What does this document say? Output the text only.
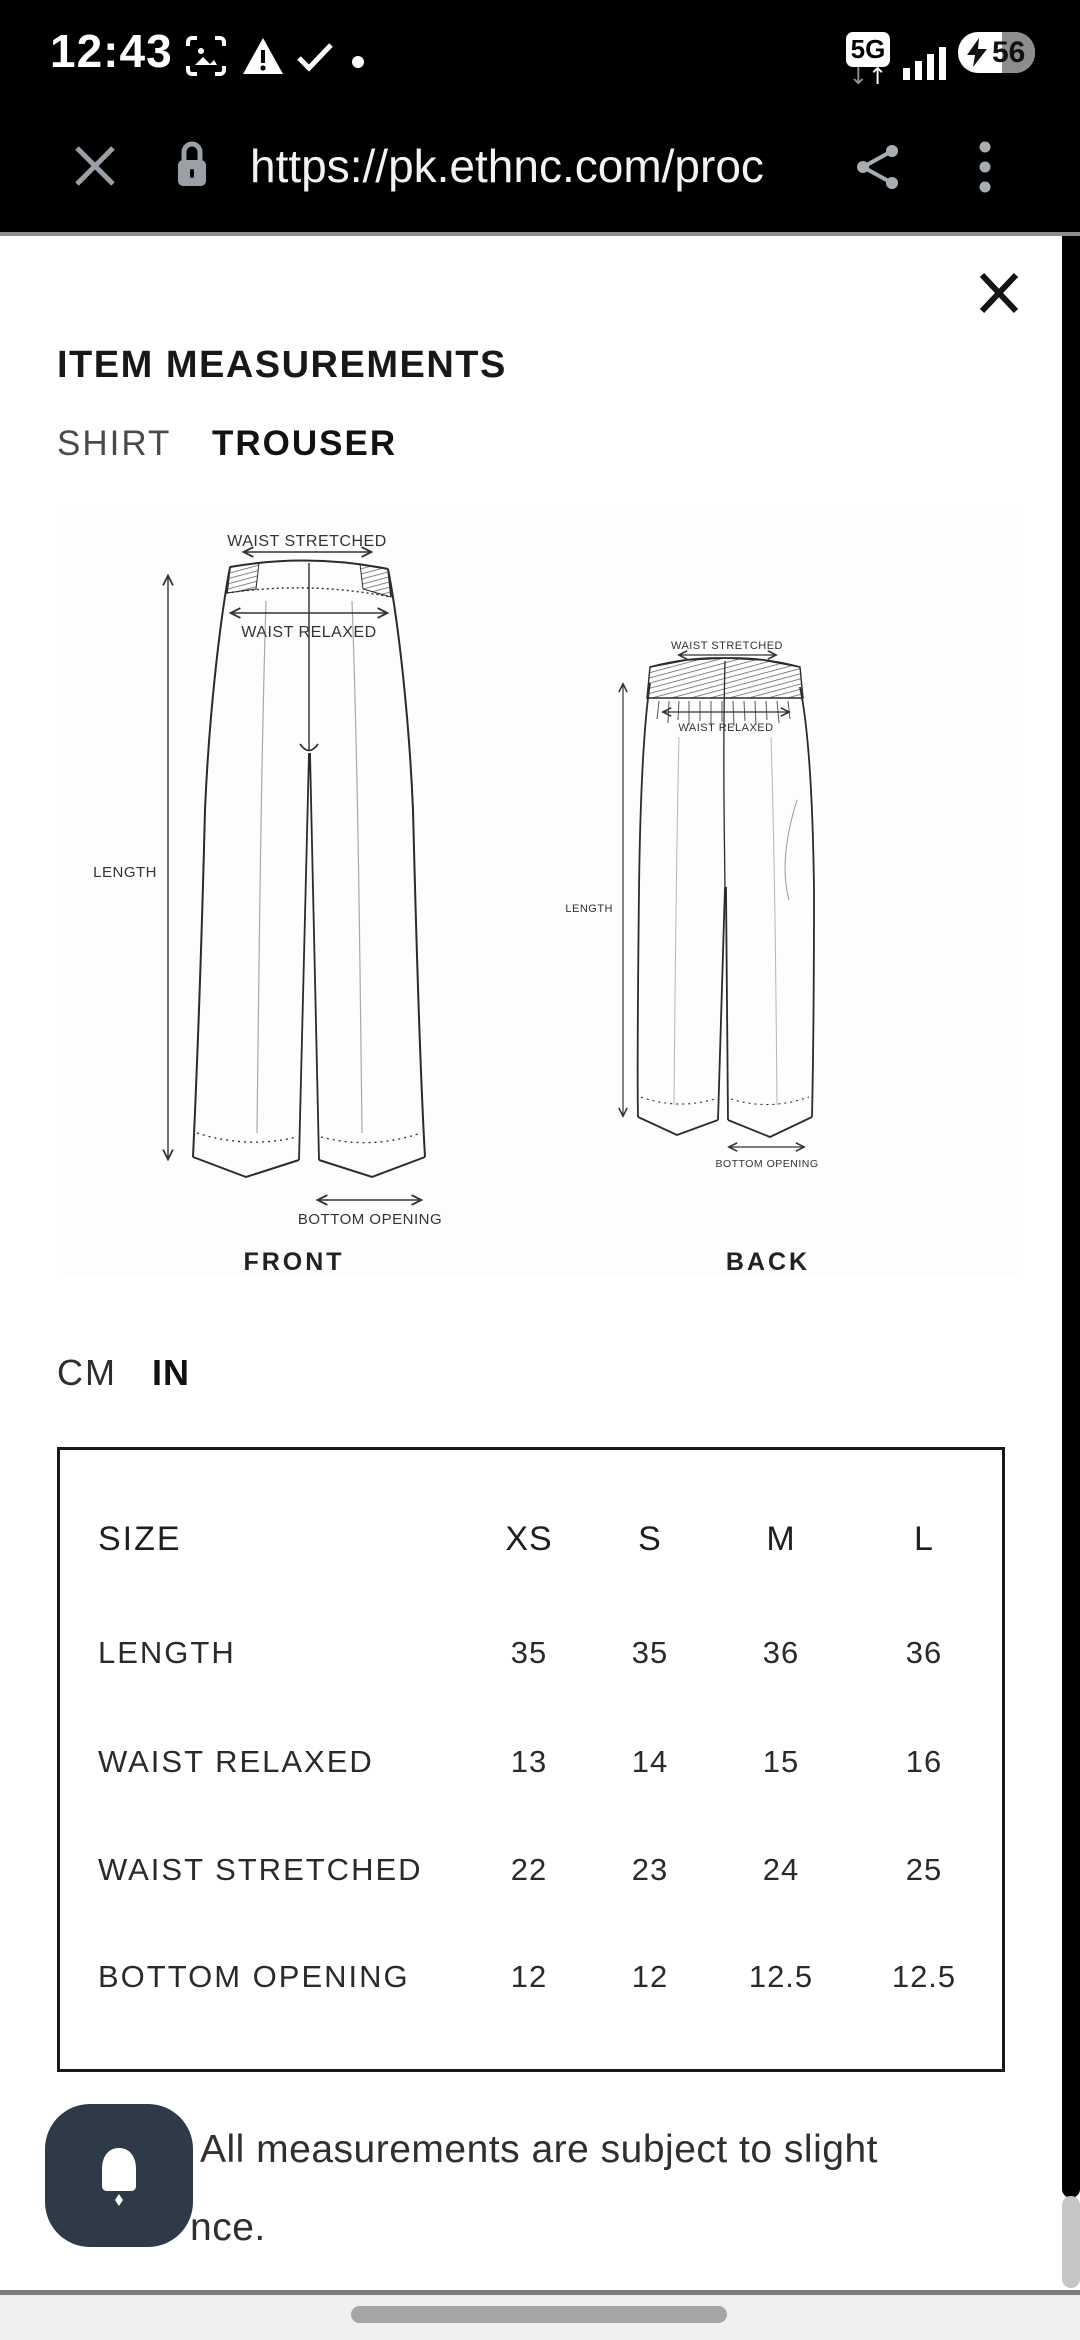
12:43	5G
↓↑
56
https://pk.ethnc.com/proc
ITEM MEASUREMENTS
SHIRT TROUSER
WAIST STRETCHED
WAIST RELAXED
LENGTH
BOTTOM OPENING
WAIST STRETCHED
WAIST RELAXED
LENGTH
BOTTOM OPENING
FRONT	BACK
CM IN
SIZE	XS	S	M	L
LENGTH	35	35	36	36
WAIST RELAXED	13	14	15	16
WAIST STRETCHED	22	23	24	25
BOTTOM OPENING	12	12	12.5	12.5
All measurements are subject to slight
nce.
